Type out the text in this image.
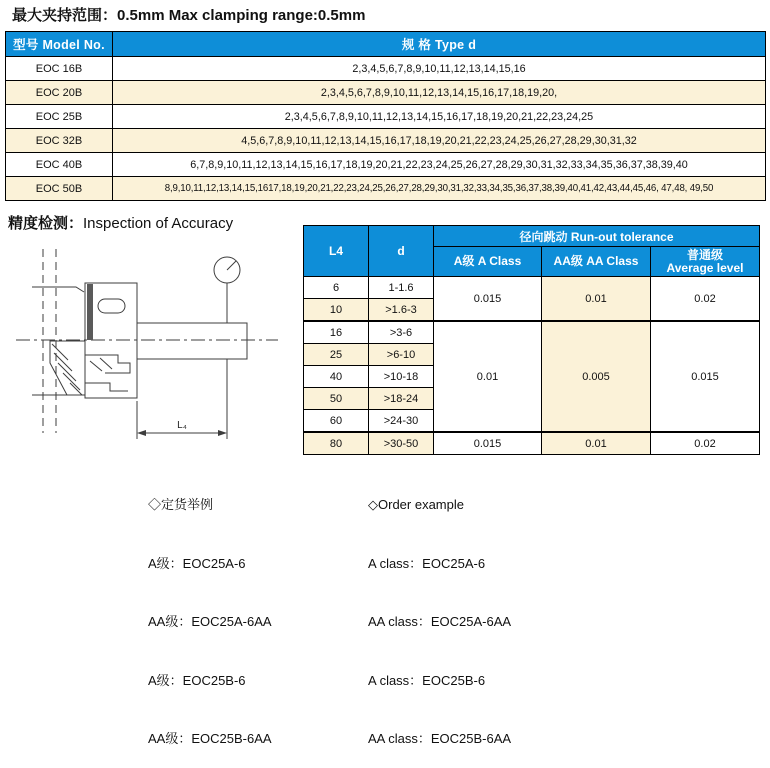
最大夹持范围：0.5mm Max clamping range:0.5mm
型号 Model No.	规 格 Type d
EOC 16B	2,3,4,5,6,7,8,9,10,11,12,13,14,15,16
EOC 20B	2,3,4,5,6,7,8,9,10,11,12,13,14,15,16,17,18,19,20,
EOC 25B	2,3,4,5,6,7,8,9,10,11,12,13,14,15,16,17,18,19,20,21,22,23,24,25
EOC 32B	4,5,6,7,8,9,10,11,12,13,14,15,16,17,18,19,20,21,22,23,24,25,26,27,28,29,30,31,32
EOC 40B	6,7,8,9,10,11,12,13,14,15,16,17,18,19,20,21,22,23,24,25,26,27,28,29,30,31,32,33,34,35,36,37,38,39,40
EOC 50B	8,9,10,11,12,13,14,15,1617,18,19,20,21,22,23,24,25,26,27,28,29,30,31,32,33,34,35,36,37,38,39,40,41,42,43,44,45,46, 47,48, 49,50
精度检测：Inspection of Accuracy
L₄
L4	d	径向跳动 Run-out tolerance		
		A级 A Class	AA级 AA Class	普通级
Average level

6	1-1.6	0.015	0.01	0.02
10	>1.6-3			
16	>3-6	0.01	0.005	0.015
25	>6-10			
40	>10-18			
50	>18-24			
60	>24-30			
80	>30-50	0.015	0.01	0.02

◇定货举例

A级：EOC25A-6

AA级：EOC25A-6AA

A级：EOC25B-6

AA级：EOC25B-6AA

◇Order example

A class：EOC25A-6

AA class：EOC25A-6AA

A class：EOC25B-6

AA class：EOC25B-6AA
